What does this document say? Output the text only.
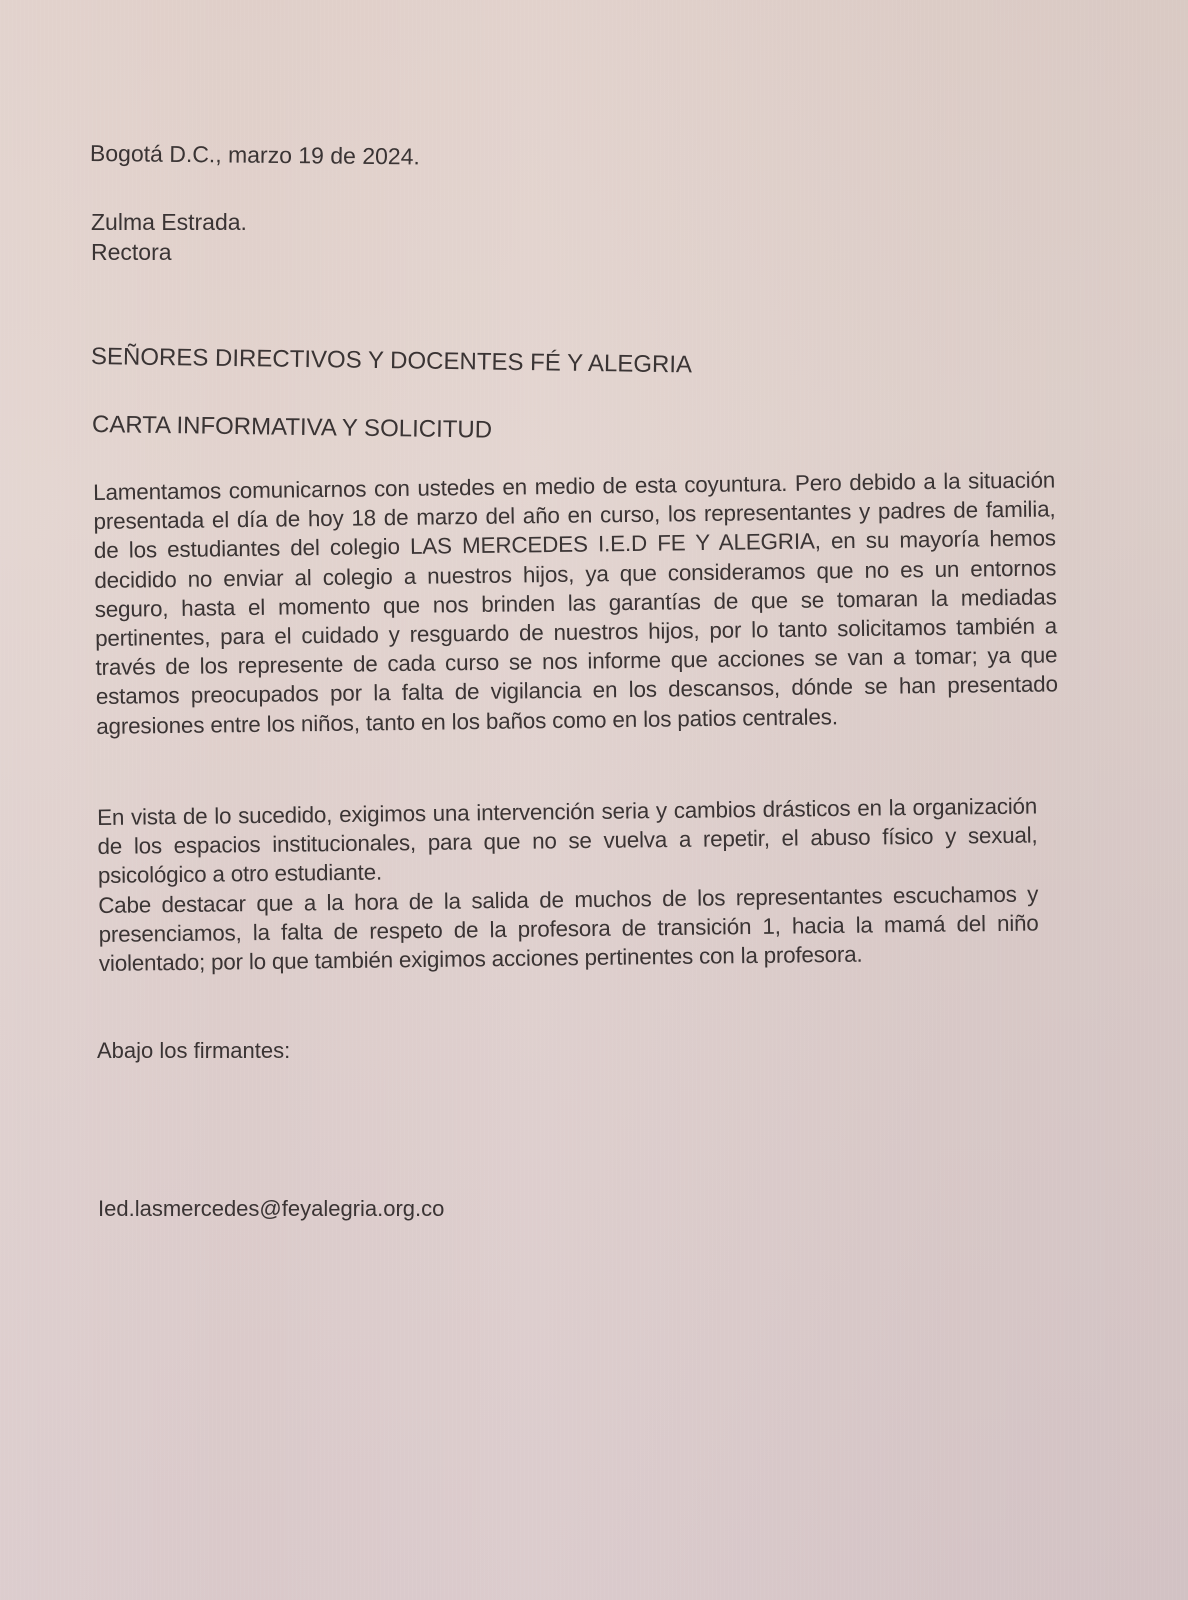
Bogotá D.C., marzo 19 de 2024.
Zulma Estrada.
Rectora
SEÑORES DIRECTIVOS Y DOCENTES FÉ Y ALEGRIA
CARTA INFORMATIVA Y SOLICITUD

Lamentamos comunicarnos con ustedes en medio de esta coyuntura. Pero debido a la situación presentada el día de hoy 18 de marzo del año en curso, los representantes y padres de familia, de los estudiantes del colegio LAS MERCEDES I.E.D FE Y ALEGRIA, en su mayoría hemos decidido no enviar al colegio a nuestros hijos, ya que consideramos que no es un entornos seguro, hasta el momento que nos brinden las garantías de que se tomaran la mediadas pertinentes, para el cuidado y resguardo de nuestros hijos, por lo tanto solicitamos también a través de los represente de cada curso se nos informe que acciones se van a tomar; ya que estamos preocupados por la falta de vigilancia en los descansos, dónde se han presentado agresiones entre los niños, tanto en los baños como en los patios centrales.

En vista de lo sucedido, exigimos una intervención seria y cambios drásticos en la organización de los espacios institucionales, para que no se vuelva a repetir, el abuso físico y sexual, psicológico a otro estudiante.

Cabe destacar que a la hora de la salida de muchos de los representantes escuchamos y presenciamos, la falta de respeto de la profesora de transición 1, hacia la mamá del niño violentado; por lo que también exigimos acciones pertinentes con la profesora.

Abajo los firmantes:
Ied.lasmercedes@feyalegria.org.co
